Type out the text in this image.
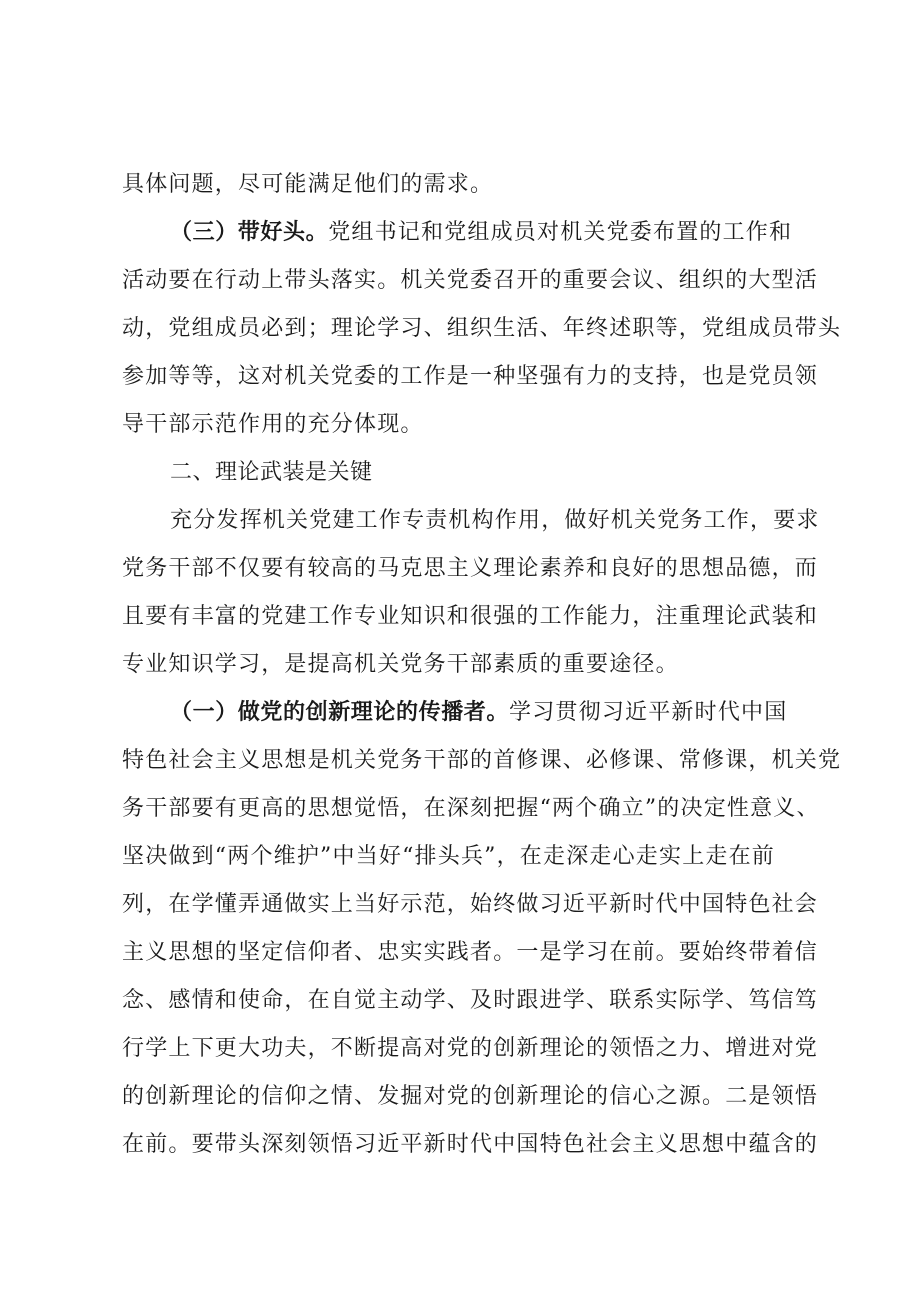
具体问题，尽可能满足他们的需求。
（三）带好头。党组书记和党组成员对机关党委布置的工作和
活动要在行动上带头落实。机关党委召开的重要会议、组织的大型活
动，党组成员必到；理论学习、组织生活、年终述职等，党组成员带头
参加等等，这对机关党委的工作是一种坚强有力的支持，也是党员领
导干部示范作用的充分体现。
二、理论武装是关键
充分发挥机关党建工作专责机构作用，做好机关党务工作，要求
党务干部不仅要有较高的马克思主义理论素养和良好的思想品德，而
且要有丰富的党建工作专业知识和很强的工作能力，注重理论武装和
专业知识学习，是提高机关党务干部素质的重要途径。
（一）做党的创新理论的传播者。学习贯彻习近平新时代中国
特色社会主义思想是机关党务干部的首修课、必修课、常修课，机关党
务干部要有更高的思想觉悟，在深刻把握“两个确立”的决定性意义、
坚决做到“两个维护”中当好“排头兵”，在走深走心走实上走在前
列，在学懂弄通做实上当好示范，始终做习近平新时代中国特色社会
主义思想的坚定信仰者、忠实实践者。一是学习在前。要始终带着信
念、感情和使命，在自觉主动学、及时跟进学、联系实际学、笃信笃
行学上下更大功夫，不断提高对党的创新理论的领悟之力、增进对党
的创新理论的信仰之情、发掘对党的创新理论的信心之源。二是领悟
在前。要带头深刻领悟习近平新时代中国特色社会主义思想中蕴含的
